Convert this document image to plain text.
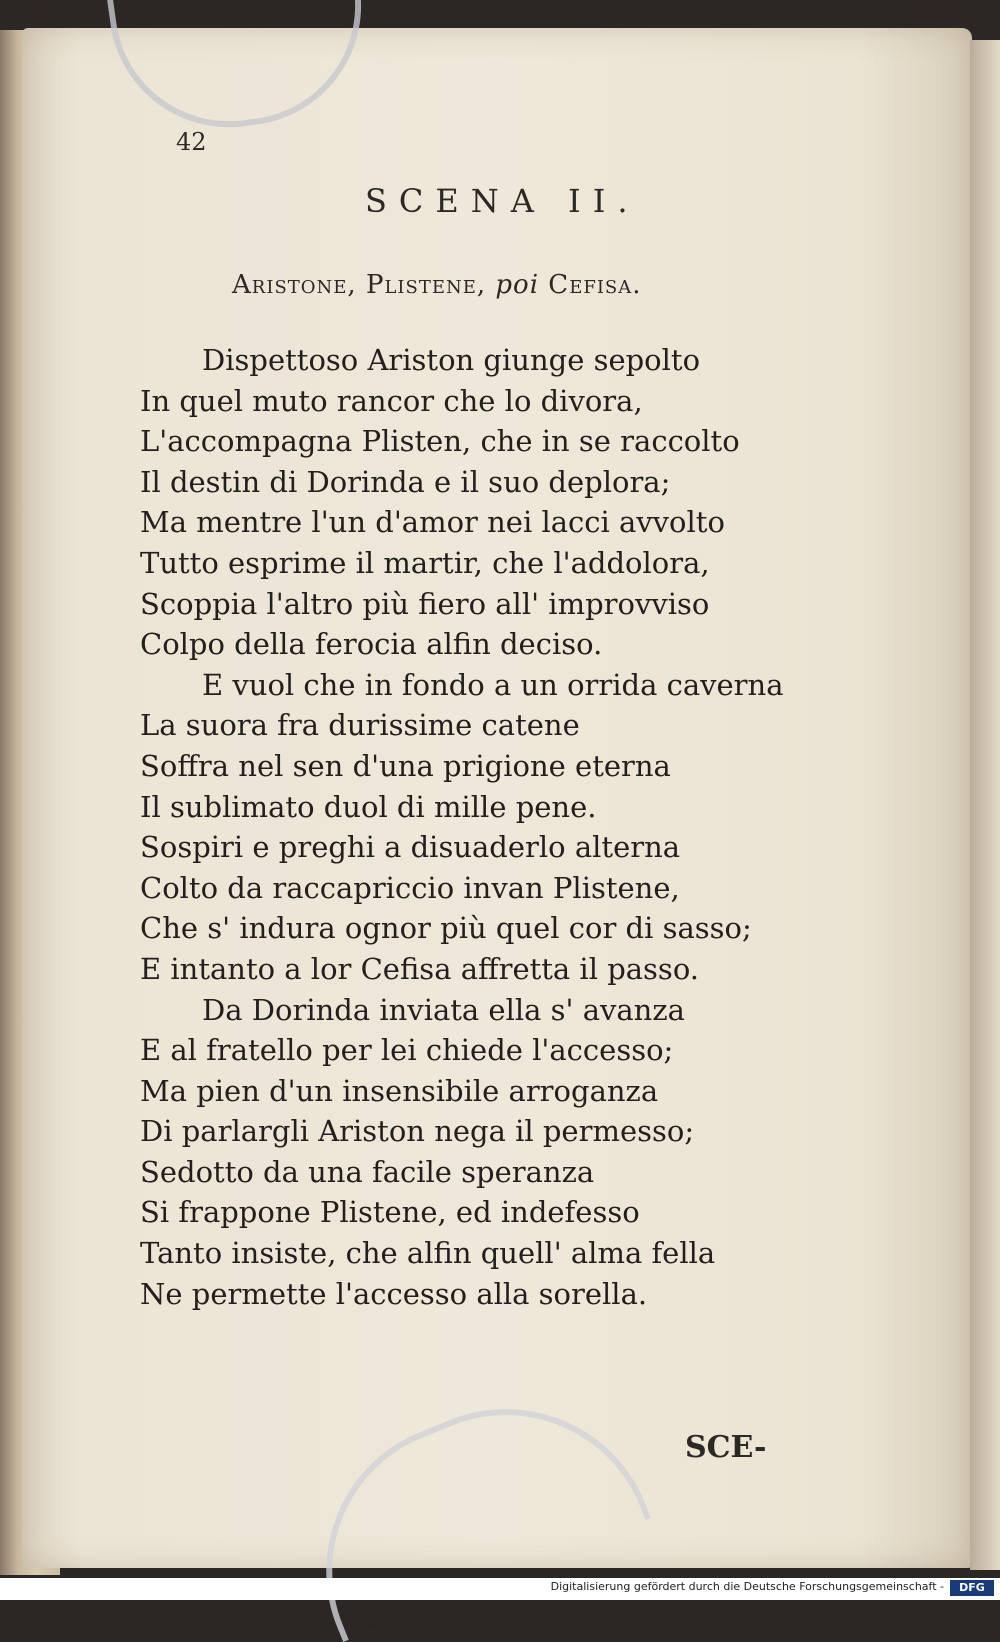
42
SCENA II.
Aristone, Plistene, poi Cefisa.
Dispettoso Ariston giunge sepolto
In quel muto rancor che lo divora,
L'accompagna Plisten, che in se raccolto
Il destin di Dorinda e il suo deplora;
Ma mentre l'un d'amor nei lacci avvolto
Tutto esprime il martir, che l'addolora,
Scoppia l'altro più fiero all' improvviso
Colpo della ferocia alfin deciso.
E vuol che in fondo a un orrida caverna
La suora fra durissime catene
Soffra nel sen d'una prigione eterna
Il sublimato duol di mille pene.
Sospiri e preghi a disuaderlo alterna
Colto da raccapriccio invan Plistene,
Che s' indura ognor più quel cor di sasso;
E intanto a lor Cefisa affretta il passo.
Da Dorinda inviata ella s' avanza
E al fratello per lei chiede l'accesso;
Ma pien d'un insensibile arroganza
Di parlargli Ariston nega il permesso;
Sedotto da una facile speranza
Si frappone Plistene, ed indefesso
Tanto insiste, che alfin quell' alma fella
Ne permette l'accesso alla sorella.
SCE-
Digitalisierung gefördert durch die Deutsche Forschungsgemeinschaft -	DFG
